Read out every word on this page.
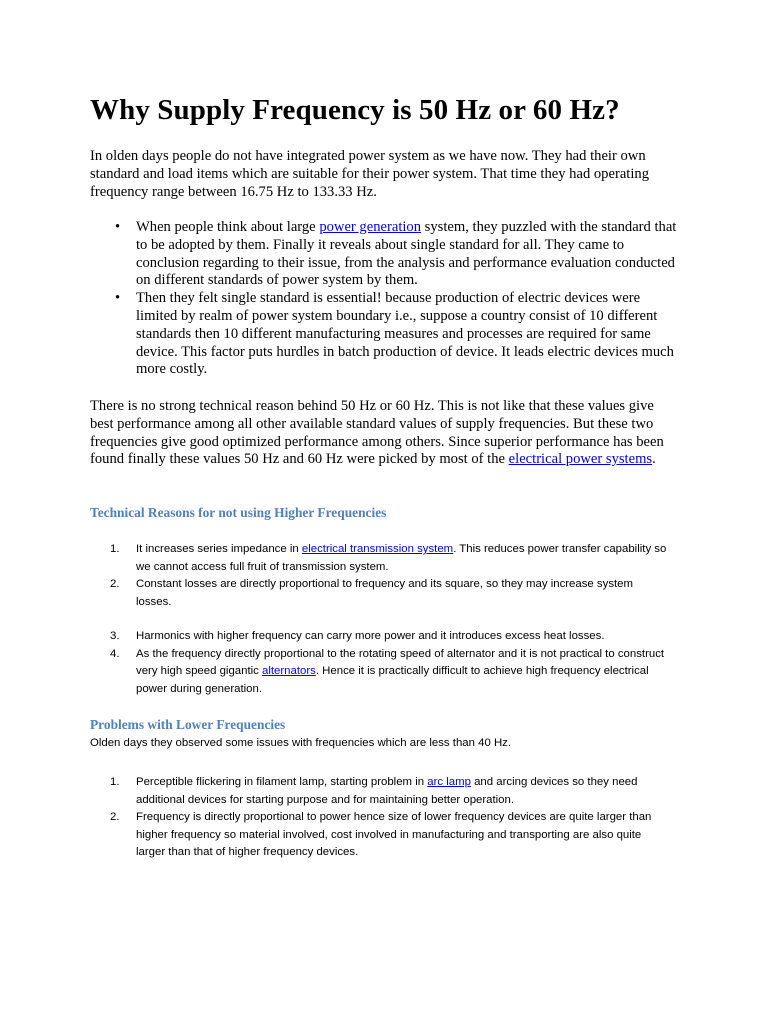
Why Supply Frequency is 50 Hz or 60 Hz?

In olden days people do not have integrated power system as we have now. They had their own standard and load items which are suitable for their power system. That time they had operating frequency range between 16.75 Hz to 133.33 Hz.

• When people think about large power generation system, they puzzled with the standard that to be adopted by them. Finally it reveals about single standard for all. They came to conclusion regarding to their issue, from the analysis and performance evaluation conducted on different standards of power system by them.
• Then they felt single standard is essential! because production of electric devices were limited by realm of power system boundary i.e., suppose a country consist of 10 different standards then 10 different manufacturing measures and processes are required for same device. This factor puts hurdles in batch production of device. It leads electric devices much more costly.

There is no strong technical reason behind 50 Hz or 60 Hz. This is not like that these values give best performance among all other available standard values of supply frequencies. But these two frequencies give good optimized performance among others. Since superior performance has been found finally these values 50 Hz and 60 Hz were picked by most of the electrical power systems.

Technical Reasons for not using Higher Frequencies
1. It increases series impedance in electrical transmission system. This reduces power transfer capability so we cannot access full fruit of transmission system.
2. Constant losses are directly proportional to frequency and its square, so they may increase system losses.
3. Harmonics with higher frequency can carry more power and it introduces excess heat losses.
4. As the frequency directly proportional to the rotating speed of alternator and it is not practical to construct very high speed gigantic alternators. Hence it is practically difficult to achieve high frequency electrical power during generation.
Problems with Lower Frequencies

Olden days they observed some issues with frequencies which are less than 40 Hz.

1. Perceptible flickering in filament lamp, starting problem in arc lamp and arcing devices so they need additional devices for starting purpose and for maintaining better operation.
2. Frequency is directly proportional to power hence size of lower frequency devices are quite larger than higher frequency so material involved, cost involved in manufacturing and transporting are also quite larger than that of higher frequency devices.
